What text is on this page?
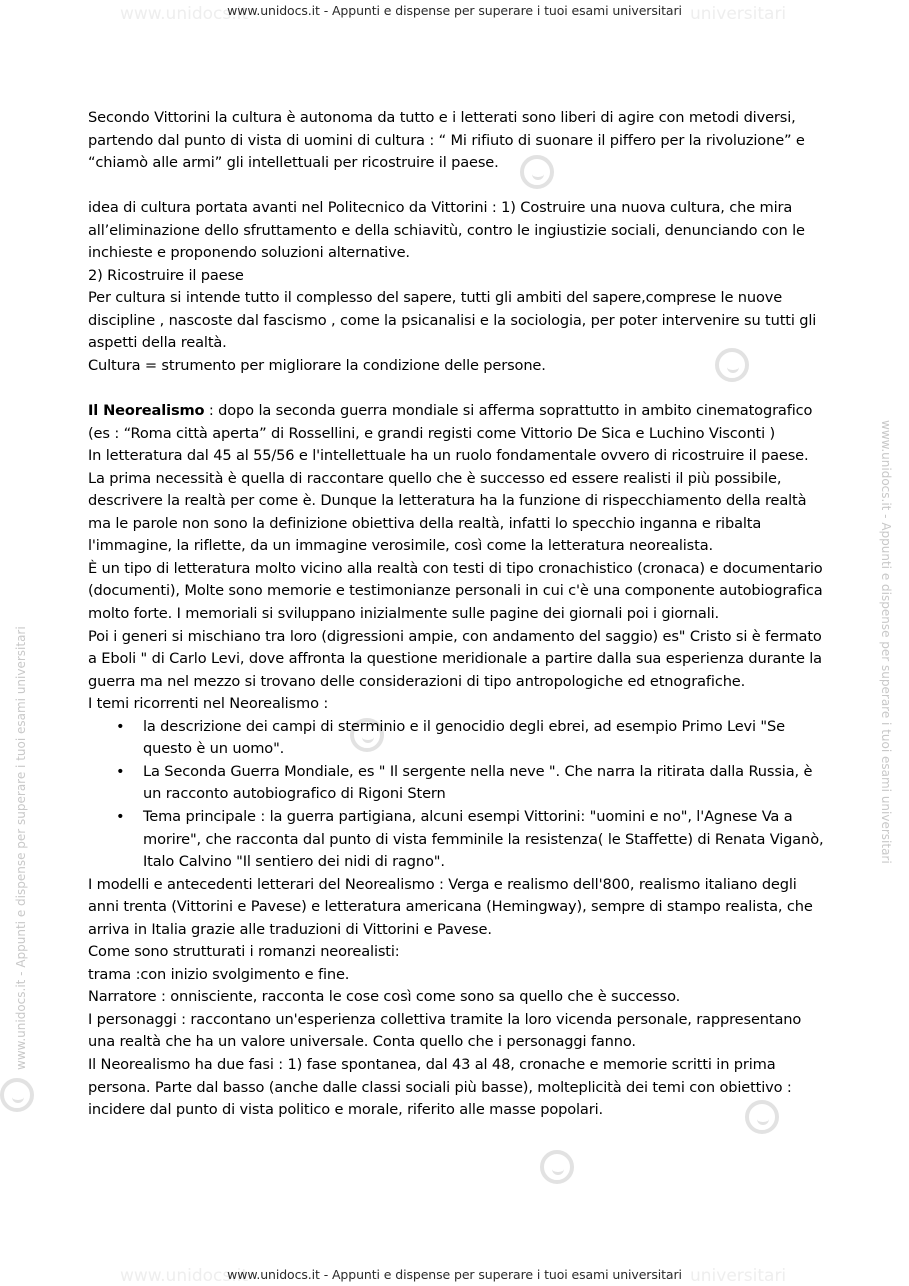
www.unidocs.it	universitari
www.unidocs.it	universitari
www.unidocs.it - Appunti e dispense per superare i tuoi esami universitari	www.unidocs.it - Appunti e dispense per superare i tuoi esami universitari
www.unidocs.it - Appunti e dispense per superare i tuoi esami universitari

Secondo Vittorini la cultura è autonoma da tutto e i letterati sono liberi di agire con metodi diversi, partendo dal punto di vista di uomini di cultura : “ Mi rifiuto di suonare il piffero per la rivoluzione” e “chiamò alle armi” gli intellettuali per ricostruire il paese.

idea di cultura portata avanti nel Politecnico da Vittorini : 1) Costruire una nuova cultura, che mira all’eliminazione dello sfruttamento e della schiavitù, contro le ingiustizie sociali, denunciando con le inchieste e proponendo soluzioni alternative.

2) Ricostruire il paese

Per cultura si intende tutto il complesso del sapere, tutti gli ambiti del sapere,comprese le nuove discipline , nascoste dal fascismo , come la psicanalisi e la sociologia, per poter intervenire su tutti gli aspetti della realtà.

Cultura = strumento per migliorare la condizione delle persone.

Il Neorealismo : dopo la seconda guerra mondiale si afferma soprattutto in ambito cinematografico (es : “Roma città aperta” di Rossellini, e grandi registi come Vittorio De Sica e Luchino Visconti )

In letteratura dal 45 al 55/56 e l'intellettuale ha un ruolo fondamentale ovvero di ricostruire il paese. La prima necessità è quella di raccontare quello che è successo ed essere realisti il più possibile, descrivere la realtà per come è. Dunque la letteratura ha la funzione di rispecchiamento della realtà ma le parole non sono la definizione obiettiva della realtà, infatti lo specchio inganna e ribalta l'immagine, la riflette, da un immagine verosimile, così come la letteratura neorealista.

È un tipo di letteratura molto vicino alla realtà con testi di tipo cronachistico (cronaca) e documentario (documenti), Molte sono memorie e testimonianze personali in cui c'è una componente autobiografica molto forte. I memoriali si sviluppano inizialmente sulle pagine dei giornali poi i giornali.

Poi i generi si mischiano tra loro (digressioni ampie, con andamento del saggio) es" Cristo si è fermato a Eboli " di Carlo Levi, dove affronta la questione meridionale a partire dalla sua esperienza durante la guerra ma nel mezzo si trovano delle considerazioni di tipo antropologiche ed etnografiche.

I temi ricorrenti nel Neorealismo :

• la descrizione dei campi di sterminio e il genocidio degli ebrei, ad esempio Primo Levi "Se questo è un uomo".
• La Seconda Guerra Mondiale, es " Il sergente nella neve ". Che narra la ritirata dalla Russia, è un racconto autobiografico di Rigoni Stern
• Tema principale : la guerra partigiana, alcuni esempi Vittorini: "uomini e no", l'Agnese Va a morire", che racconta dal punto di vista femminile la resistenza( le Staffette) di Renata Viganò, Italo Calvino "Il sentiero dei nidi di ragno".

I modelli e antecedenti letterari del Neorealismo : Verga e realismo dell'800, realismo italiano degli anni trenta (Vittorini e Pavese) e letteratura americana (Hemingway), sempre di stampo realista, che arriva in Italia grazie alle traduzioni di Vittorini e Pavese.

Come sono strutturati i romanzi neorealisti:

trama :con inizio svolgimento e fine.

Narratore : onnisciente, racconta le cose così come sono sa quello che è successo.

I personaggi : raccontano un'esperienza collettiva tramite la loro vicenda personale, rappresentano una realtà che ha un valore universale. Conta quello che i personaggi fanno.

Il Neorealismo ha due fasi : 1) fase spontanea, dal 43 al 48, cronache e memorie scritti in prima persona. Parte dal basso (anche dalle classi sociali più basse), molteplicità dei temi con obiettivo : incidere dal punto di vista politico e morale, riferito alle masse popolari.

www.unidocs.it - Appunti e dispense per superare i tuoi esami universitari
